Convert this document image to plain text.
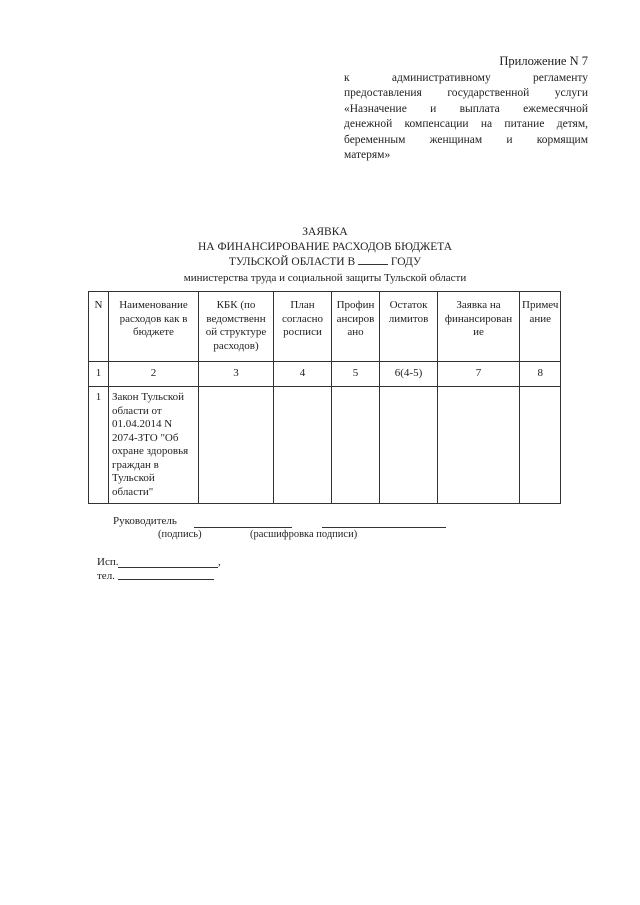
Приложение N 7
к административному регламенту
предоставления государственной услуги
«Назначение и выплата ежемесячной
денежной компенсации на питание детям,
беременным женщинам и кормящим
матерям»
ЗАЯВКА
НА ФИНАНСИРОВАНИЕ РАСХОДОВ БЮДЖЕТА
ТУЛЬСКОЙ ОБЛАСТИ В	ГОДУ
министерства труда и социальной защиты Тульской области
N	Наименование
расходов как в
бюджете	КБК (по
ведомственн
ой структуре
расходов)	План
согласно
росписи	Профин
ансиров
ано	Остаток
лимитов	Заявка на
финансирован
ие	Примеч
ание
1	2	3	4	5	6(4-5)	7	8
1	Закон Тульской области от 01.04.2014 N 2074-ЗТО "Об охране здоровья граждан в Тульской области"						
Руководитель
(подпись)	(расшифровка подписи)
Исп.	,
тел.
